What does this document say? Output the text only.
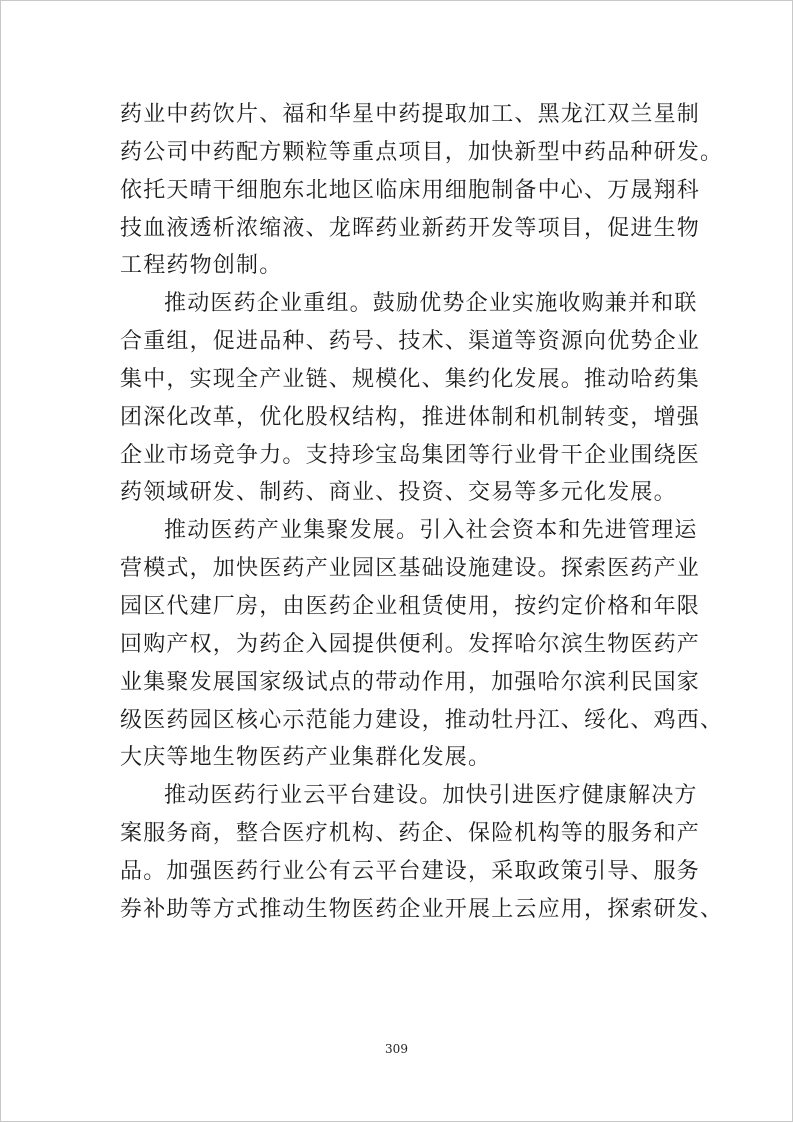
药业中药饮片、福和华星中药提取加工、黑龙江双兰星制
药公司中药配方颗粒等重点项目，加快新型中药品种研发。
依托天晴干细胞东北地区临床用细胞制备中心、万晟翔科
技血液透析浓缩液、龙晖药业新药开发等项目，促进生物
工程药物创制。
推动医药企业重组。鼓励优势企业实施收购兼并和联
合重组，促进品种、药号、技术、渠道等资源向优势企业
集中，实现全产业链、规模化、集约化发展。推动哈药集
团深化改革，优化股权结构，推进体制和机制转变，增强
企业市场竞争力。支持珍宝岛集团等行业骨干企业围绕医
药领域研发、制药、商业、投资、交易等多元化发展。
推动医药产业集聚发展。引入社会资本和先进管理运
营模式，加快医药产业园区基础设施建设。探索医药产业
园区代建厂房，由医药企业租赁使用，按约定价格和年限
回购产权，为药企入园提供便利。发挥哈尔滨生物医药产
业集聚发展国家级试点的带动作用，加强哈尔滨利民国家
级医药园区核心示范能力建设，推动牡丹江、绥化、鸡西、
大庆等地生物医药产业集群化发展。
推动医药行业云平台建设。加快引进医疗健康解决方
案服务商，整合医疗机构、药企、保险机构等的服务和产
品。加强医药行业公有云平台建设，采取政策引导、服务
券补助等方式推动生物医药企业开展上云应用，探索研发、
309
